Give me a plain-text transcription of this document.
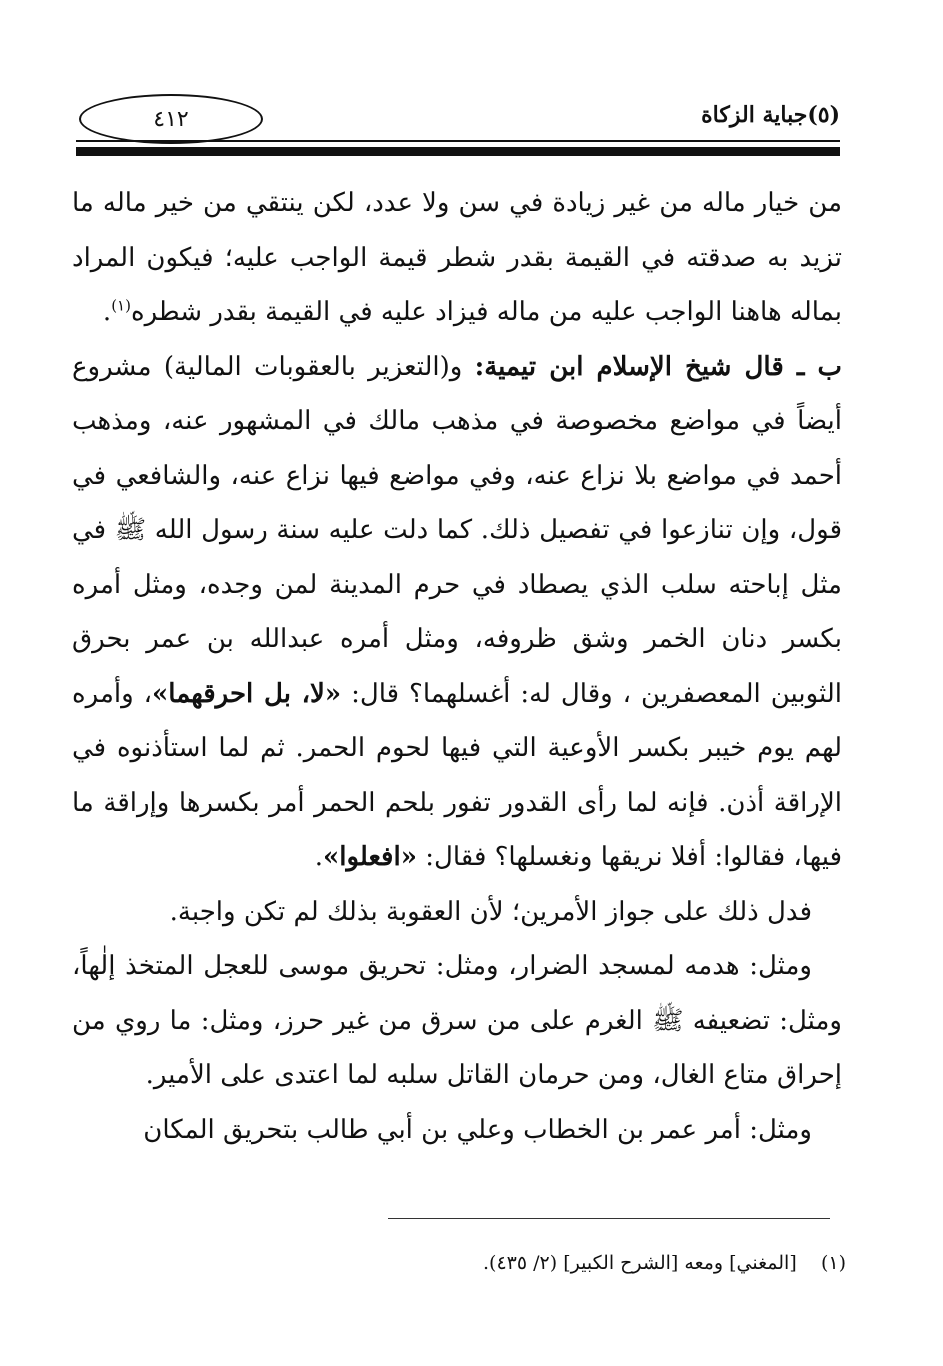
(٥)جباية الزكاة
٤١٢

من خيار ماله من غير زيادة في سن ولا عدد، لكن ينتقي من خير ماله ما تزيد به صدقته في القيمة بقدر شطر قيمة الواجب عليه؛ فيكون المراد بماله هاهنا الواجب عليه من ماله فيزاد عليه في القيمة بقدر شطره$^{(١)}$.

ب ـ قال شيخ الإسلام ابن تيمية: و(التعزير بالعقوبات المالية) مشروع أيضاً في مواضع مخصوصة في مذهب مالك في المشهور عنه، ومذهب أحمد في مواضع بلا نزاع عنه، وفي مواضع فيها نزاع عنه، والشافعي في قول، وإن تنازعوا في تفصيل ذلك. كما دلت عليه سنة رسول الله ﷺ في مثل إباحته سلب الذي يصطاد في حرم المدينة لمن وجده، ومثل أمره بكسر دنان الخمر وشق ظروفه، ومثل أمره عبدالله بن عمر بحرق الثوبين المعصفرين ، وقال له: أغسلهما؟ قال: «لا، بل احرقهما»، وأمره لهم يوم خيبر بكسر الأوعية التي فيها لحوم الحمر. ثم لما استأذنوه في الإراقة أذن. فإنه لما رأى القدور تفور بلحم الحمر أمر بكسرها وإراقة ما فيها، فقالوا: أفلا نريقها ونغسلها؟ فقال: «افعلوا».

فدل ذلك على جواز الأمرين؛ لأن العقوبة بذلك لم تكن واجبة.

ومثل: هدمه لمسجد الضرار، ومثل: تحريق موسى للعجل المتخذ إلٰهاً، ومثل: تضعيفه ﷺ الغرم على من سرق من غير حرز، ومثل: ما روي من إحراق متاع الغال، ومن حرمان القاتل سلبه لما اعتدى على الأمير.

ومثل: أمر عمر بن الخطاب وعلي بن أبي طالب بتحريق المكان

(١)    [المغني] ومعه [الشرح الكبير] (٢/ ٤٣٥).
